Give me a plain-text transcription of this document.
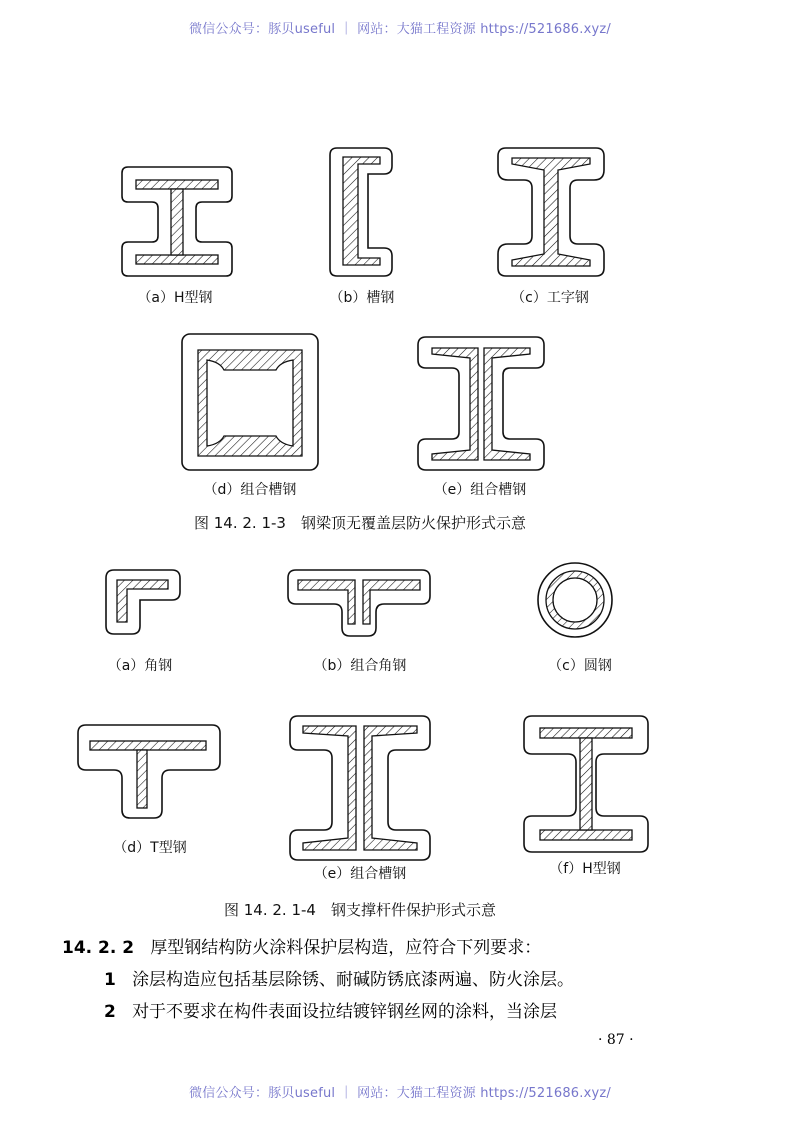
微信公众号：豚贝useful ｜ 网站：大猫工程资源 https://521686.xyz/
（a）H型钢	（b）槽钢	（c）工字钢
（d）组合槽钢	（e）组合槽钢
图 14. 2. 1-3　钢梁顶无覆盖层防火保护形式示意
（a）角钢	（b）组合角钢	（c）圆钢
（d）T型钢
（e）组合槽钢	（f）H型钢
图 14. 2. 1-4　钢支撑杆件保护形式示意
14. 2. 2 厚型钢结构防火涂料保护层构造，应符合下列要求：
1 涂层构造应包括基层除锈、耐碱防锈底漆两遍、防火涂层。
2 对于不要求在构件表面设拉结镀锌钢丝网的涂料，当涂层
· 87 ·
微信公众号：豚贝useful ｜ 网站：大猫工程资源 https://521686.xyz/
